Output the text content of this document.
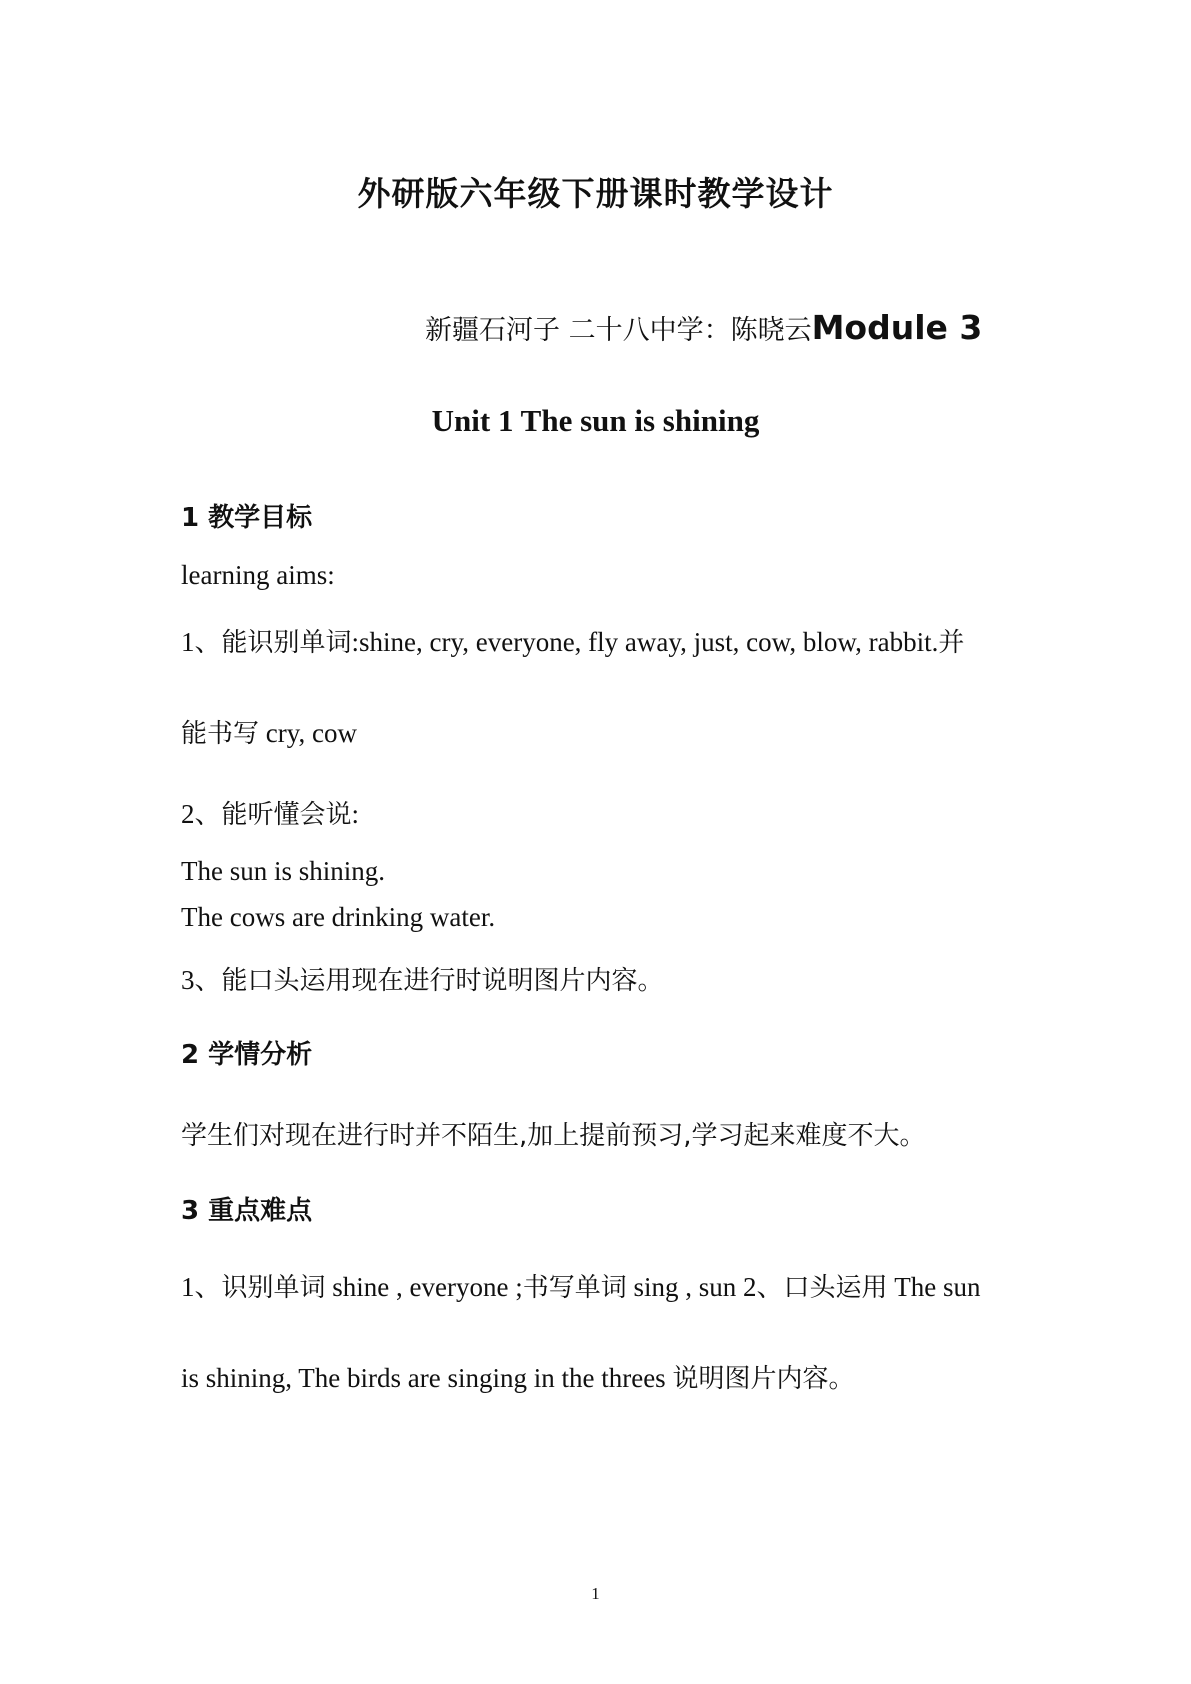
外研版六年级下册课时教学设计
新疆石河子 二十八中学：陈晓云Module 3
Unit 1 The sun is shining
1 教学目标
learning aims:
1、能识别单词:shine, cry, everyone, fly away, just, cow, blow, rabbit.并
能书写 cry, cow
2、能听懂会说:
The sun is shining.
The cows are drinking water.
3、能口头运用现在进行时说明图片内容。
2 学情分析
学生们对现在进行时并不陌生,加上提前预习,学习起来难度不大。
3 重点难点
1、识别单词 shine , everyone ;书写单词 sing , sun 2、口头运用 The sun
is shining, The birds are singing in the threes 说明图片内容。
1
